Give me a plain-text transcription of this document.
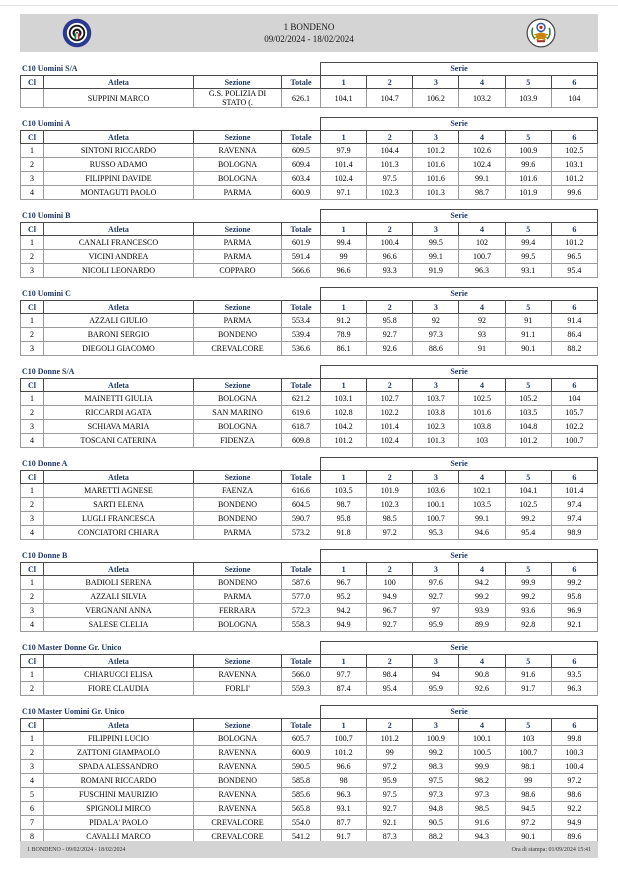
1 BONDENO
09/02/2024 - 18/02/2024
C10 Uomini S/A	Serie
Cl	Atleta	Sezione	Totale	1	2	3	4	5	6
	SUPPINI MARCO	G.S. POLIZIA DI STATO (.	626.1	104.1	104.7	106.2	103.2	103.9	104
C10 Uomini A	Serie
Cl	Atleta	Sezione	Totale	1	2	3	4	5	6
1	SINTONI RICCARDO	RAVENNA	609.5	97.9	104.4	101.2	102.6	100.9	102.5
2	RUSSO ADAMO	BOLOGNA	609.4	101.4	101.3	101.6	102.4	99.6	103.1
3	FILIPPINI DAVIDE	BOLOGNA	603.4	102.4	97.5	101.6	99.1	101.6	101.2
4	MONTAGUTI PAOLO	PARMA	600.9	97.1	102.3	101.3	98.7	101.9	99.6
C10 Uomini B	Serie
Cl	Atleta	Sezione	Totale	1	2	3	4	5	6
1	CANALI FRANCESCO	PARMA	601.9	99.4	100.4	99.5	102	99.4	101.2
2	VICINI ANDREA	PARMA	591.4	99	96.6	99.1	100.7	99.5	96.5
3	NICOLI LEONARDO	COPPARO	566.6	96.6	93.3	91.9	96.3	93.1	95.4
C10 Uomini C	Serie
Cl	Atleta	Sezione	Totale	1	2	3	4	5	6
1	AZZALI GIULIO	PARMA	553.4	91.2	95.8	92	92	91	91.4
2	BARONI SERGIO	BONDENO	539.4	78.9	92.7	97.3	93	91.1	86.4
3	DIEGOLI GIACOMO	CREVALCORE	536.6	86.1	92.6	88.6	91	90.1	88.2
C10 Donne S/A	Serie
Cl	Atleta	Sezione	Totale	1	2	3	4	5	6
1	MAINETTI GIULIA	BOLOGNA	621.2	103.1	102.7	103.7	102.5	105.2	104
2	RICCARDI AGATA	SAN MARINO	619.6	102.8	102.2	103.8	101.6	103.5	105.7
3	SCHIAVA MARIA	BOLOGNA	618.7	104.2	101.4	102.3	103.8	104.8	102.2
4	TOSCANI CATERINA	FIDENZA	609.8	101.2	102.4	101.3	103	101.2	100.7
C10 Donne A	Serie
Cl	Atleta	Sezione	Totale	1	2	3	4	5	6
1	MARETTI AGNESE	FAENZA	616.6	103.5	101.9	103.6	102.1	104.1	101.4
2	SARTI ELENA	BONDENO	604.5	98.7	102.3	100.1	103.5	102.5	97.4
3	LUGLI FRANCESCA	BONDENO	590.7	95.8	98.5	100.7	99.1	99.2	97.4
4	CONCIATORI CHIARA	PARMA	573.2	91.8	97.2	95.3	94.6	95.4	98.9
C10 Donne B	Serie
Cl	Atleta	Sezione	Totale	1	2	3	4	5	6
1	BADIOLI SERENA	BONDENO	587.6	96.7	100	97.6	94.2	99.9	99.2
2	AZZALI SILVIA	PARMA	577.0	95.2	94.9	92.7	99.2	99.2	95.8
3	VERGNANI ANNA	FERRARA	572.3	94.2	96.7	97	93.9	93.6	96.9
4	SALESE CLELIA	BOLOGNA	558.3	94.9	92.7	95.9	89.9	92.8	92.1
C10 Master Donne Gr. Unico	Serie
Cl	Atleta	Sezione	Totale	1	2	3	4	5	6
1	CHIARUCCI ELISA	RAVENNA	566.0	97.7	98.4	94	90.8	91.6	93.5
2	FIORE CLAUDIA	FORLI'	559.3	87.4	95.4	95.9	92.6	91.7	96.3
C10 Master Uomini Gr. Unico	Serie
Cl	Atleta	Sezione	Totale	1	2	3	4	5	6
1	FILIPPINI LUCIO	BOLOGNA	605.7	100.7	101.2	100.9	100.1	103	99.8
2	ZATTONI GIAMPAOLO	RAVENNA	600.9	101.2	99	99.2	100.5	100.7	100.3
3	SPADA ALESSANDRO	RAVENNA	590.5	96.6	97.2	98.3	99.9	98.1	100.4
4	ROMANI RICCARDO	BONDENO	585.8	98	95.9	97.5	98.2	99	97.2
5	FUSCHINI MAURIZIO	RAVENNA	585.6	96.3	97.5	97.3	97.3	98.6	98.6
6	SPIGNOLI MIRCO	RAVENNA	565.8	93.1	92.7	94.8	98.5	94.5	92.2
7	PIDALA' PAOLO	CREVALCORE	554.0	87.7	92.1	90.5	91.6	97.2	94.9
8	CAVALLI MARCO	CREVALCORE	541.2	91.7	87.3	88.2	94.3	90.1	89.6
1 BONDENO - 09/02/2024 - 18/02/2024	Ora di stampa: 01/09/2024 15:41
